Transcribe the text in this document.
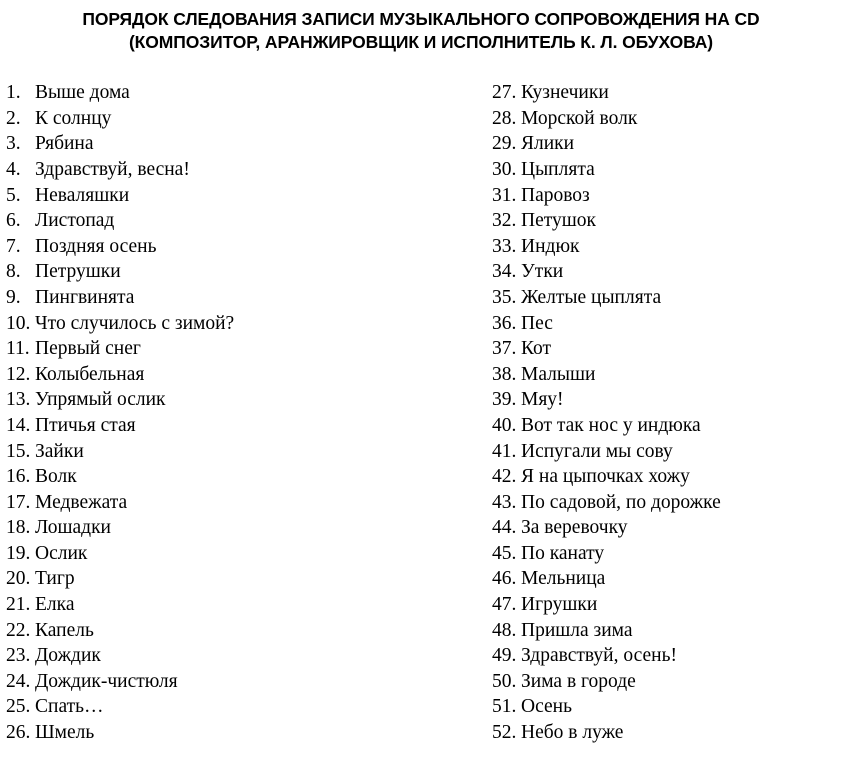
ПОРЯДОК СЛЕДОВАНИЯ ЗАПИСИ МУЗЫКАЛЬНОГО СОПРОВОЖДЕНИЯ НА CD
(КОМПОЗИТОР, АРАНЖИРОВЩИК И ИСПОЛНИТЕЛЬ К. Л. ОБУХОВА)
1. Выше дома
2. К солнцу
3. Рябина
4. Здравствуй, весна!
5. Неваляшки
6. Листопад
7. Поздняя осень
8. Петрушки
9. Пингвинята
10. Что случилось с зимой?
11. Первый снег
12. Колыбельная
13. Упрямый ослик
14. Птичья стая
15. Зайки
16. Волк
17. Медвежата
18. Лошадки
19. Ослик
20. Тигр
21. Елка
22. Капель
23. Дождик
24. Дождик-чистюля
25. Спать…
26. Шмель
27. Кузнечики
28. Морской волк
29. Ялики
30. Цыплята
31. Паровоз
32. Петушок
33. Индюк
34. Утки
35. Желтые цыплята
36. Пес
37. Кот
38. Малыши
39. Мяу!
40. Вот так нос у индюка
41. Испугали мы сову
42. Я на цыпочках хожу
43. По садовой, по дорожке
44. За веревочку
45. По канату
46. Мельница
47. Игрушки
48. Пришла зима
49. Здравствуй, осень!
50. Зима в городе
51. Осень
52. Небо в луже
